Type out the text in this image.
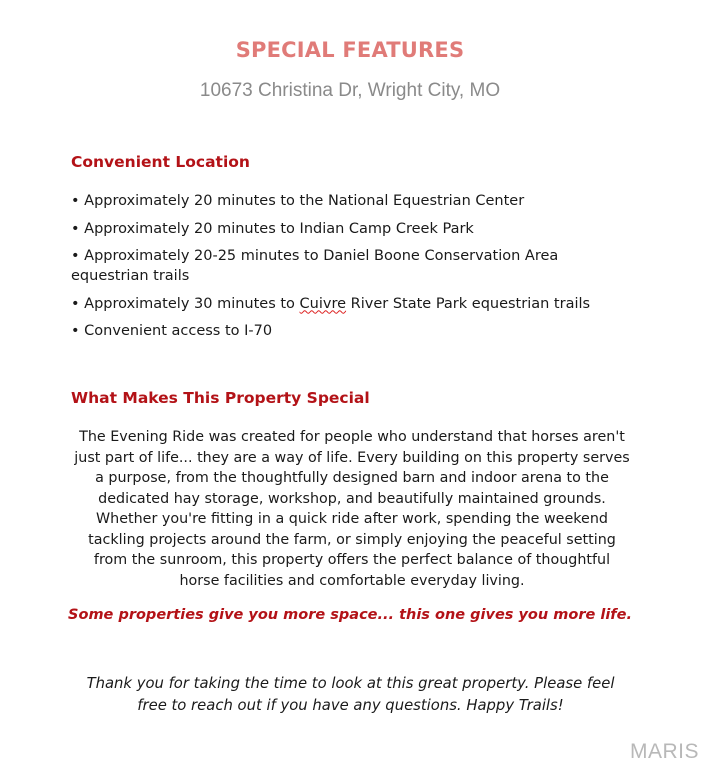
SPECIAL FEATURES
10673 Christina Dr, Wright City, MO
Convenient Location
• Approximately 20 minutes to the National Equestrian Center
• Approximately 20 minutes to Indian Camp Creek Park
• Approximately 20-25 minutes to Daniel Boone Conservation Area equestrian trails
• Approximately 30 minutes to Cuivre River State Park equestrian trails
• Convenient access to I-70
What Makes This Property Special

The Evening Ride was created for people who understand that horses aren't just part of life... they are a way of life. Every building on this property serves a purpose, from the thoughtfully designed barn and indoor arena to the dedicated hay storage, workshop, and beautifully maintained grounds. Whether you're fitting in a quick ride after work, spending the weekend tackling projects around the farm, or simply enjoying the peaceful setting from the sunroom, this property offers the perfect balance of thoughtful horse facilities and comfortable everyday living.

Some properties give you more space... this one gives you more life.

Thank you for taking the time to look at this great property. Please feel free to reach out if you have any questions. Happy Trails!

MARIS
